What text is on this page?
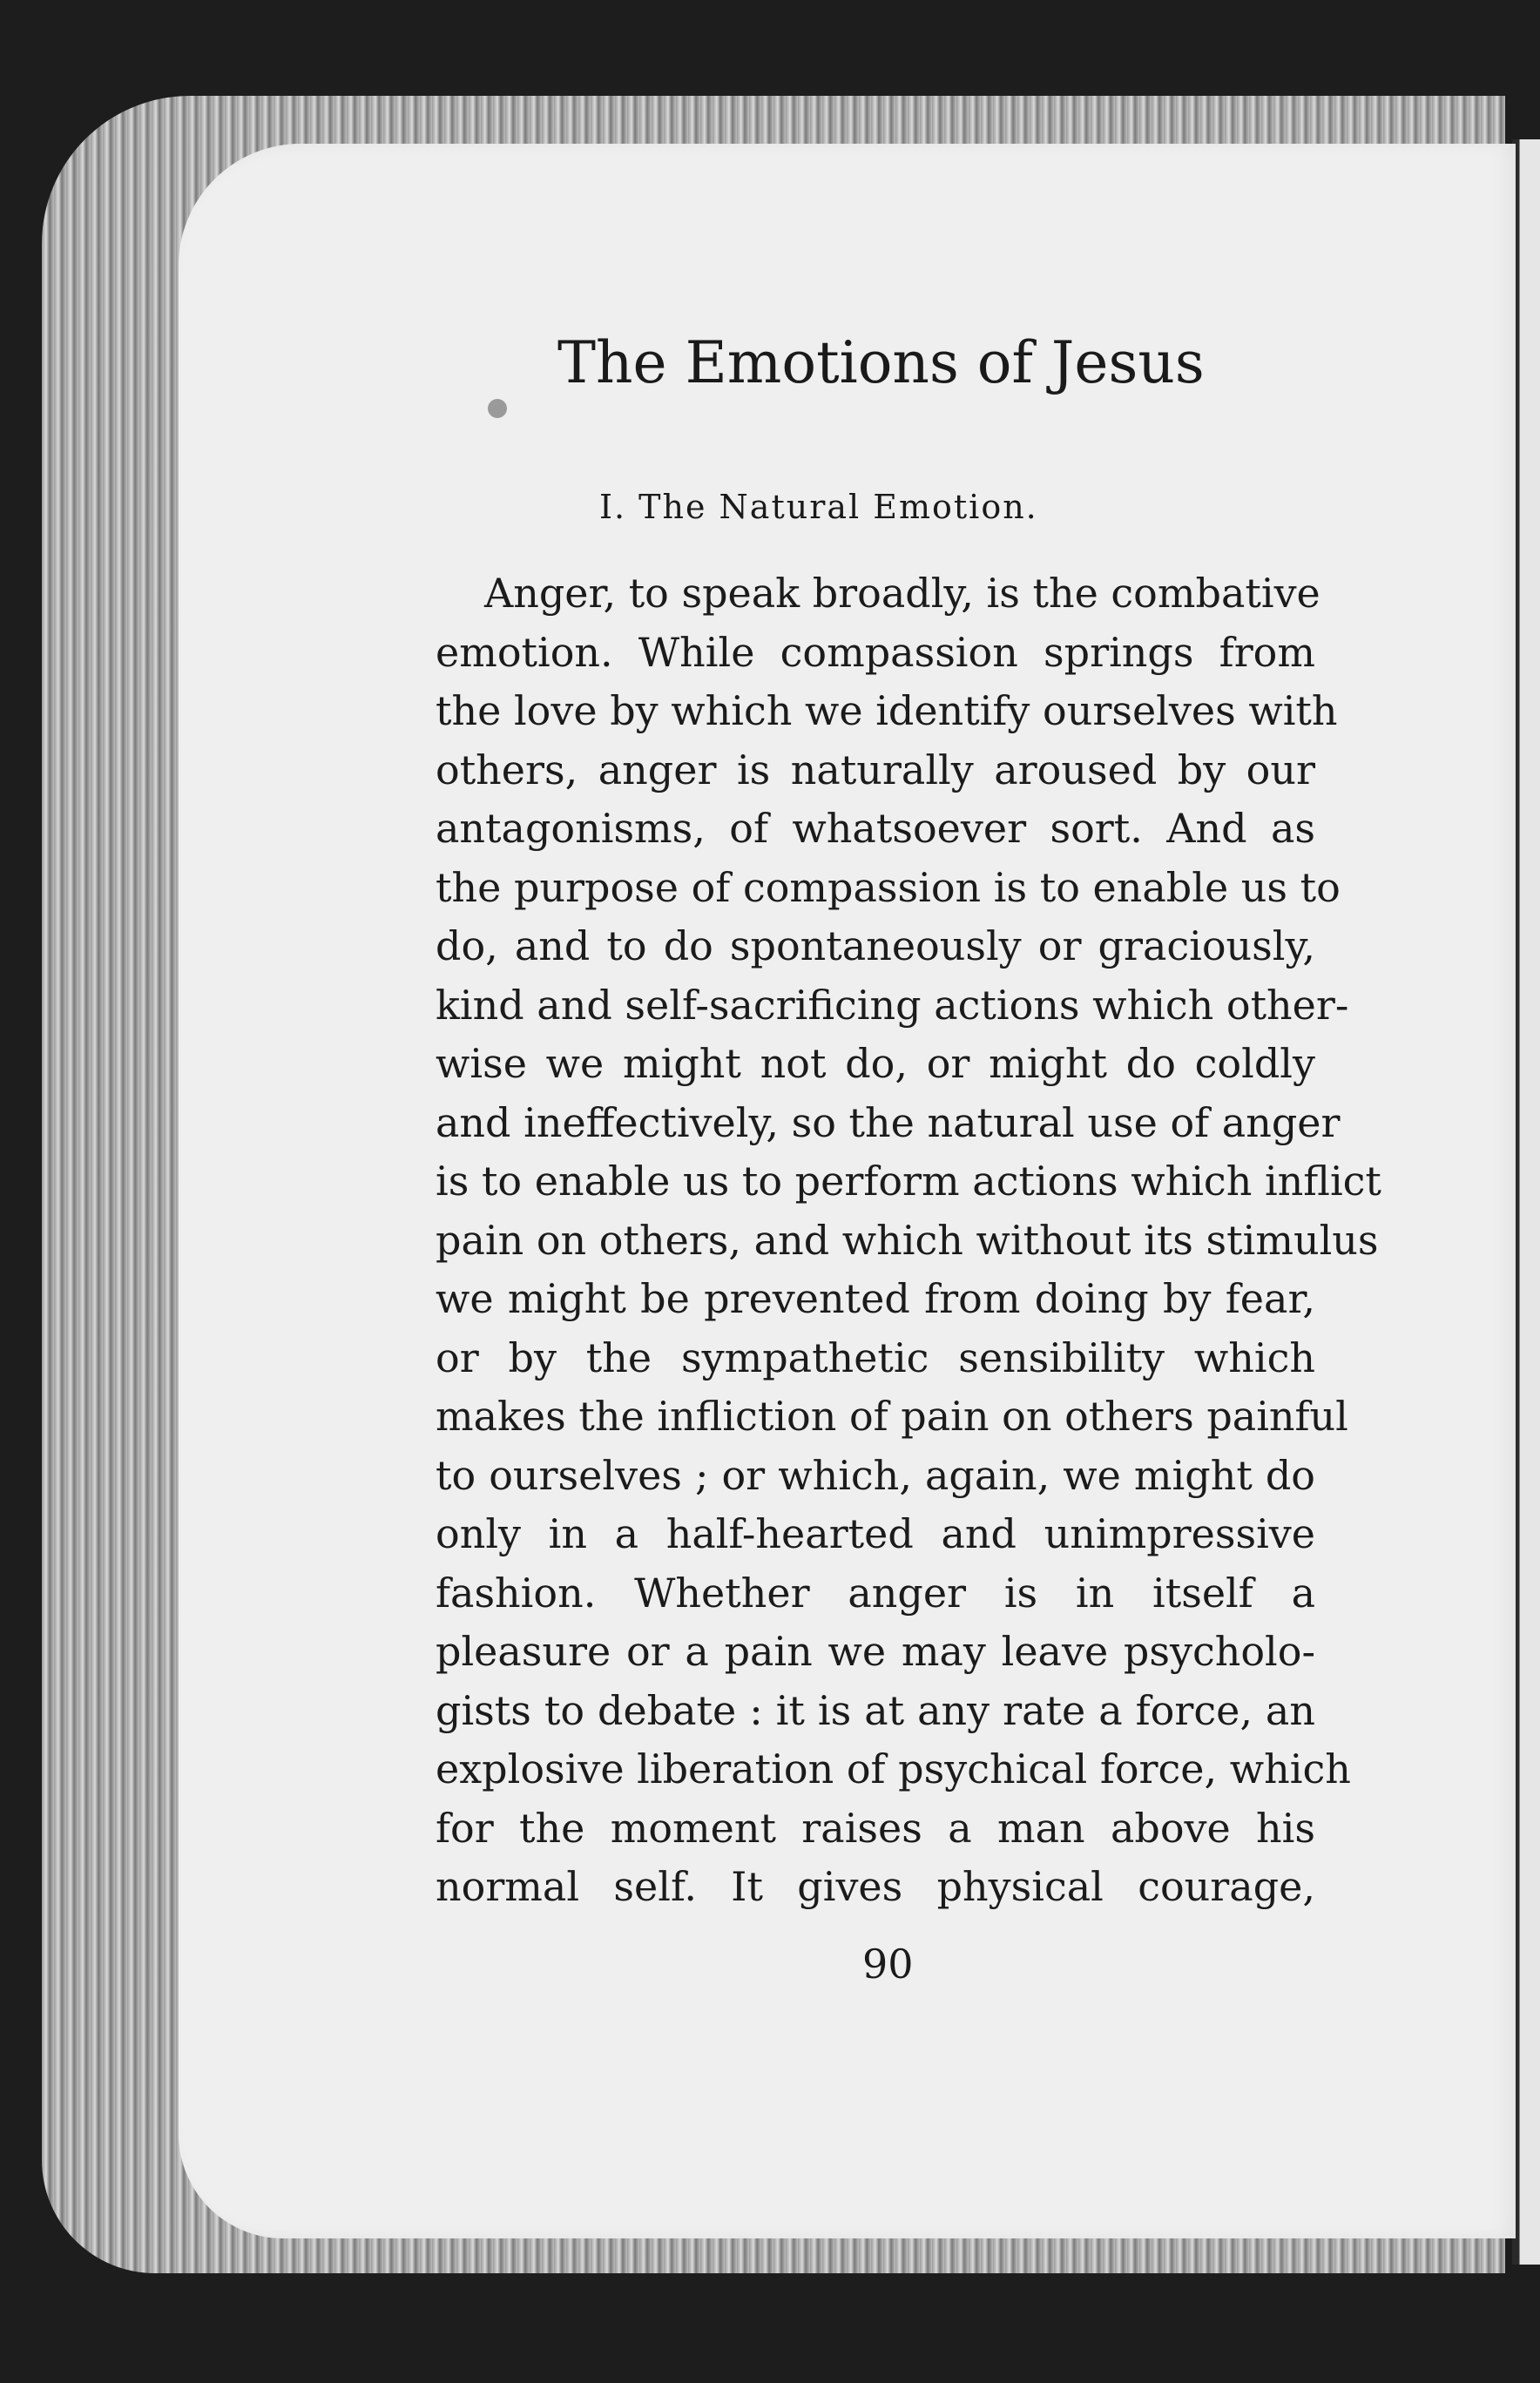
The Emotions of Jesus
I. The Natural Emotion.
Anger, to speak broadly, is the combative
emotion. While compassion springs from
the love by which we identify ourselves with
others, anger is naturally aroused by our
antagonisms, of whatsoever sort. And as
the purpose of compassion is to enable us to
do, and to do spontaneously or graciously,
kind and self-sacrificing actions which other-
wise we might not do, or might do coldly
and ineffectively, so the natural use of anger
is to enable us to perform actions which inflict
pain on others, and which without its stimulus
we might be prevented from doing by fear,
or by the sympathetic sensibility which
makes the infliction of pain on others painful
to ourselves ; or which, again, we might do
only in a half-hearted and unimpressive
fashion. Whether anger is in itself a
pleasure or a pain we may leave psycholo-
gists to debate : it is at any rate a force, an
explosive liberation of psychical force, which
for the moment raises a man above his
normal self. It gives physical courage,
90
